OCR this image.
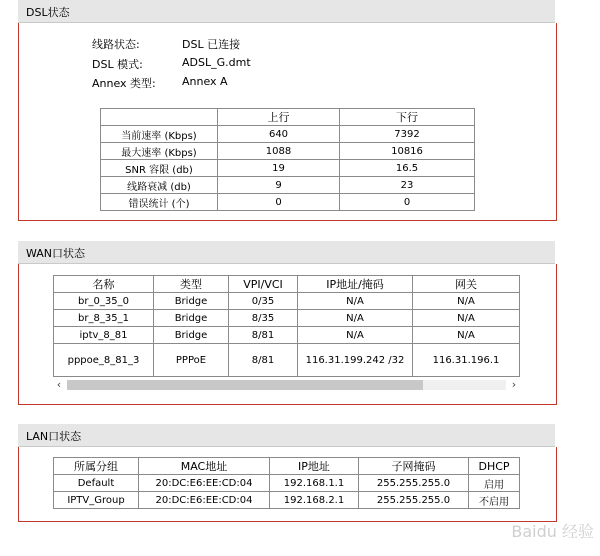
DSL状态
线路状态:	DSL 已连接
DSL 模式:	ADSL_G.dmt
Annex 类型: Annex A
	上行	下行
当前速率 (Kbps)	640	7392
最大速率 (Kbps)	1088	10816
SNR 容限 (db)	19	16.5
线路衰减 (db)	9	23
错误统计 (个)	0	0
WAN口状态
名称	类型	VPI/VCI	IP地址/掩码	网关
br_0_35_0	Bridge	0/35	N/A	N/A
br_8_35_1	Bridge	8/35	N/A	N/A
iptv_8_81	Bridge	8/81	N/A	N/A
pppoe_8_81_3	PPPoE	8/81	116.31.199.242 /32	116.31.196.1
‹	›
LAN口状态
所属分组	MAC地址	IP地址	子网掩码	DHCP
Default	20:DC:E6:EE:CD:04	192.168.1.1	255.255.255.0	启用
IPTV_Group	20:DC:E6:EE:CD:04	192.168.2.1	255.255.255.0	不启用
Baidu 经验
